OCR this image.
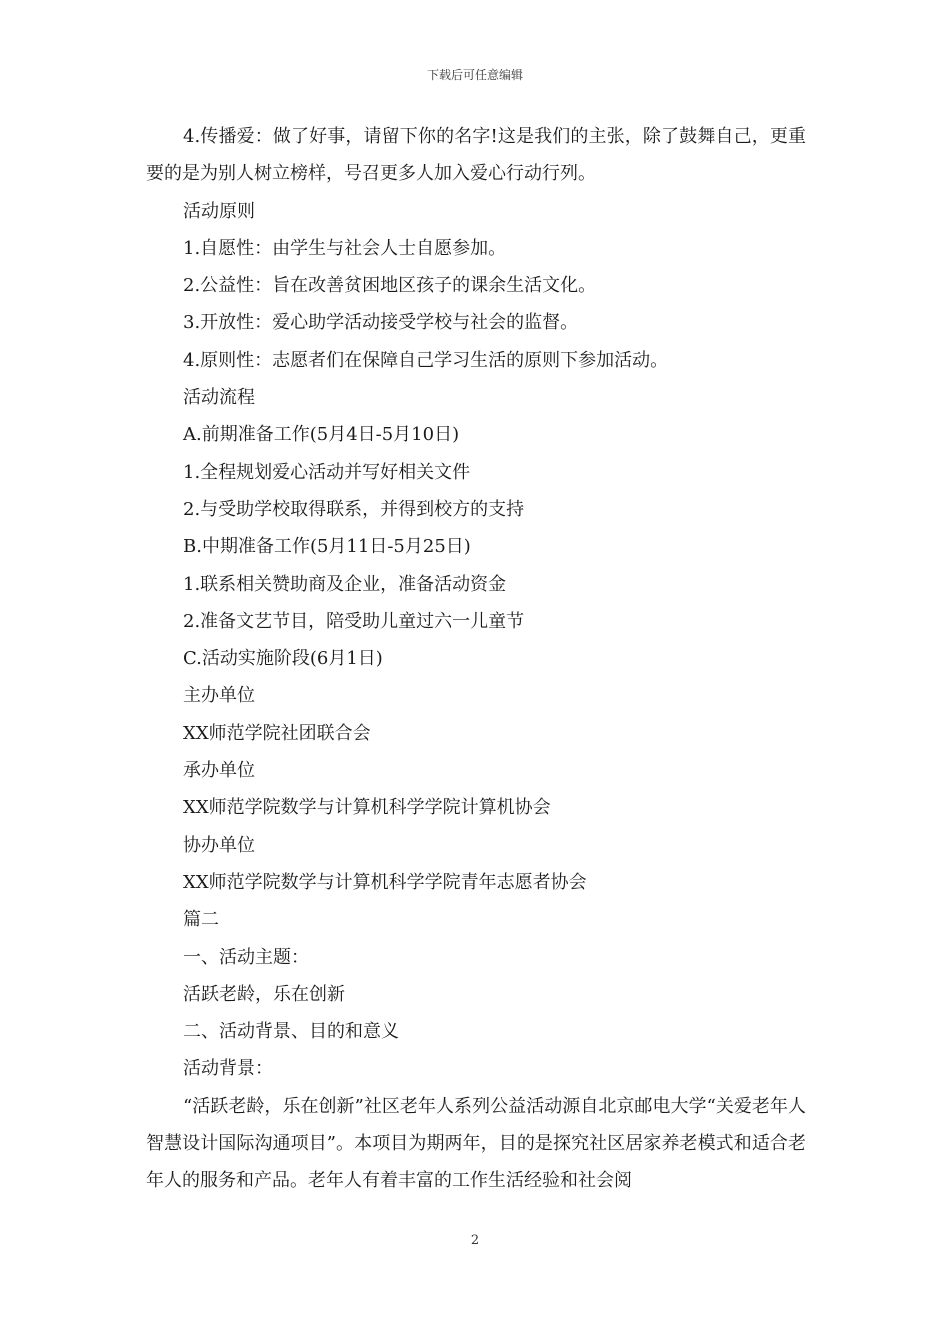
下载后可任意编辑

4.传播爱：做了好事，请留下你的名字!这是我们的主张，除了鼓舞自己，更重要的是为别人树立榜样，号召更多人加入爱心行动行列。

活动原则

1.自愿性：由学生与社会人士自愿参加。

2.公益性：旨在改善贫困地区孩子的课余生活文化。

3.开放性：爱心助学活动接受学校与社会的监督。

4.原则性：志愿者们在保障自己学习生活的原则下参加活动。

活动流程

A.前期准备工作(5月4日-5月10日)

1.全程规划爱心活动并写好相关文件

2.与受助学校取得联系，并得到校方的支持

B.中期准备工作(5月11日-5月25日)

1.联系相关赞助商及企业，准备活动资金

2.准备文艺节目，陪受助儿童过六一儿童节

C.活动实施阶段(6月1日)

主办单位

XX师范学院社团联合会

承办单位

XX师范学院数学与计算机科学学院计算机协会

协办单位

XX师范学院数学与计算机科学学院青年志愿者协会

篇二

一、活动主题：

活跃老龄，乐在创新

二、活动背景、目的和意义

活动背景：

“活跃老龄，乐在创新”社区老年人系列公益活动源自北京邮电大学“关爱老年人智慧设计国际沟通项目”。本项目为期两年，目的是探究社区居家养老模式和适合老年人的服务和产品。老年人有着丰富的工作生活经验和社会阅

2
